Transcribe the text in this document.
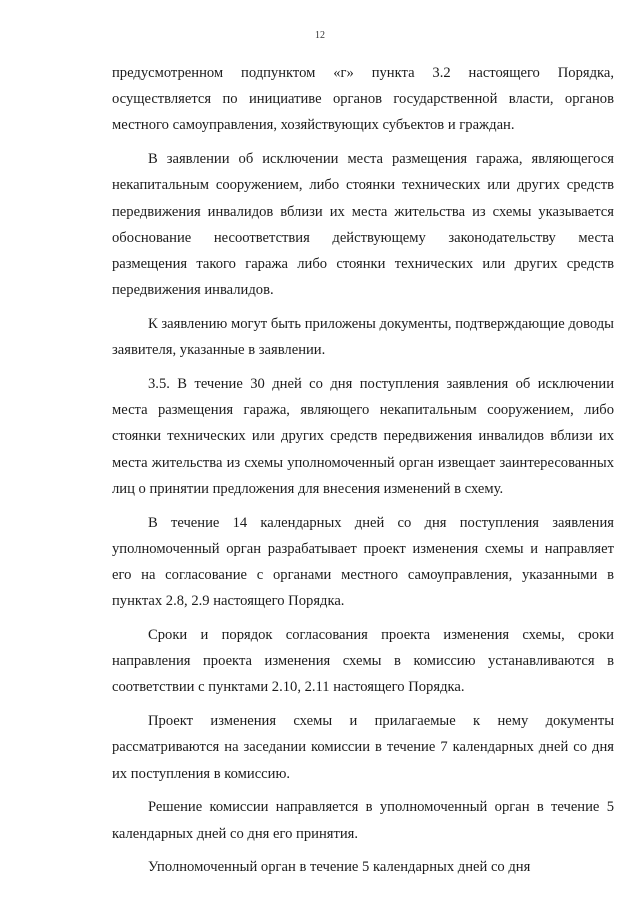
12

предусмотренном подпунктом «г» пункта 3.2 настоящего Порядка, осуществляется по инициативе органов государственной власти, органов местного самоуправления, хозяйствующих субъектов и граждан.

В заявлении об исключении места размещения гаража, являющегося некапитальным сооружением, либо стоянки технических или других средств передвижения инвалидов вблизи их места жительства из схемы указывается обоснование несоответствия действующему законодательству места размещения такого гаража либо стоянки технических или других средств передвижения инвалидов.

К заявлению могут быть приложены документы, подтверждающие доводы заявителя, указанные в заявлении.

3.5. В течение 30 дней со дня поступления заявления об исключении места размещения гаража, являющего некапитальным сооружением, либо стоянки технических или других средств передвижения инвалидов вблизи их места жительства из схемы уполномоченный орган извещает заинтересованных лиц о принятии предложения для внесения изменений в схему.

В течение 14 календарных дней со дня поступления заявления уполномоченный орган разрабатывает проект изменения схемы и направляет его на согласование с органами местного самоуправления, указанными в пунктах 2.8, 2.9 настоящего Порядка.

Сроки и порядок согласования проекта изменения схемы, сроки направления проекта изменения схемы в комиссию устанавливаются в соответствии с пунктами 2.10, 2.11 настоящего Порядка.

Проект изменения схемы и прилагаемые к нему документы рассматриваются на заседании комиссии в течение 7 календарных дней со дня их поступления в комиссию.

Решение комиссии направляется в уполномоченный орган в течение 5 календарных дней со дня его принятия.

Уполномоченный орган в течение 5 календарных дней со дня
